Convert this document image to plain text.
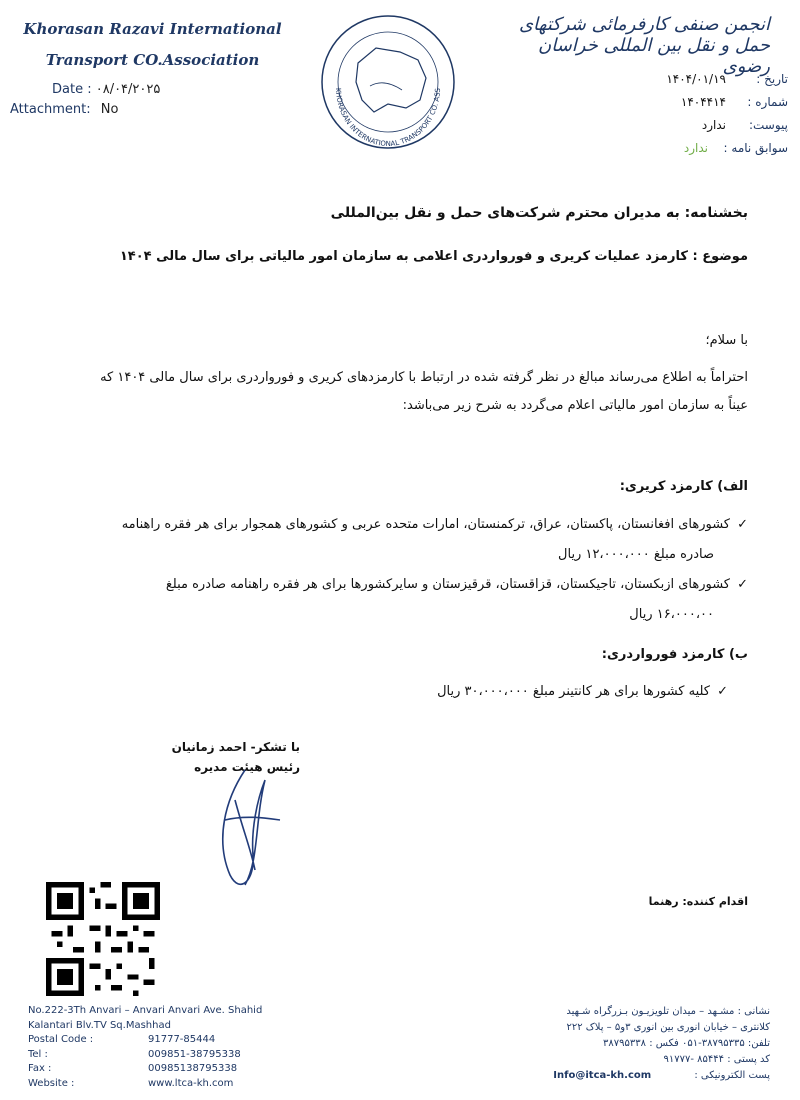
Khorasan Razavi International
Transport CO.Association
Date : ۰۸/۰۴/۲۰۲۵
Attachment: No
KHORASAN INTERNATIONAL TRANSPORT CO. ASS
انجمن صنفی کارفرمائی شرکتهای حمل و نقل بین المللی خراسان رضوی
تاریخ :
۱۴۰۴/۰۱/۱۹
شماره :
۱۴۰۴۴۱۴
پیوست:
ندارد
سوابق نامه :
ندارد
بخشنامه: به مدیران محترم شرکت‌های حمل و نقل بین‌المللی
موضوع : کارمزد عملیات کریری و فورواردری اعلامی به سازمان امور مالیاتی برای سال مالی ۱۴۰۴
با سلام؛
احتراماً به اطلاع می‌رساند مبالغ در نظر گرفته شده در ارتباط با کارمزدهای کریری و فورواردری برای سال مالی ۱۴۰۴ که
عیناً به سازمان امور مالیاتی اعلام می‌گردد به شرح زیر می‌باشد:
الف) کارمزد کریری:
✓کشورهای افغانستان، پاکستان، عراق، ترکمنستان، امارات متحده عربی و کشورهای همجوار برای هر فقره راهنامه
صادره مبلغ ۱۲،۰۰۰،۰۰۰ ریال
✓کشورهای ازبکستان، تاجیکستان، قزاقستان، قرقیزستان و سایرکشورها برای هر فقره راهنامه صادره مبلغ
۱۶،۰۰۰،۰۰ ریال
ب) کارمزد فورواردری:
✓کلیه کشورها برای هر کانتینر مبلغ ۳۰،۰۰۰،۰۰۰ ریال
با تشکر- احمد زمانیان
رئیس هیئت مدیره
اقدام کننده: رهنما
No.222-3Th Anvari – Anvari Anvari Ave. Shahid Kalantari Blv.TV Sq.Mashhad
Postal Code :	91777-85444
Tel :	009851-38795338
Fax :	00985138795338
Website :	www.ltca-kh.com
نشانی : مشـهد – میدان تلویزیـون بـزرگراه شـهید
کلانتری – خیابان انوری بین انوری ۳و۵ – پلاک ۲۲۲
تلفن: ۳۸۷۹۵۳۳۵-۰۵۱ فکس : ۳۸۷۹۵۳۳۸
کد پستی : ۸۵۴۴۴ -۹۱۷۷۷
پست الکترونیکی : Info@itca-kh.com
